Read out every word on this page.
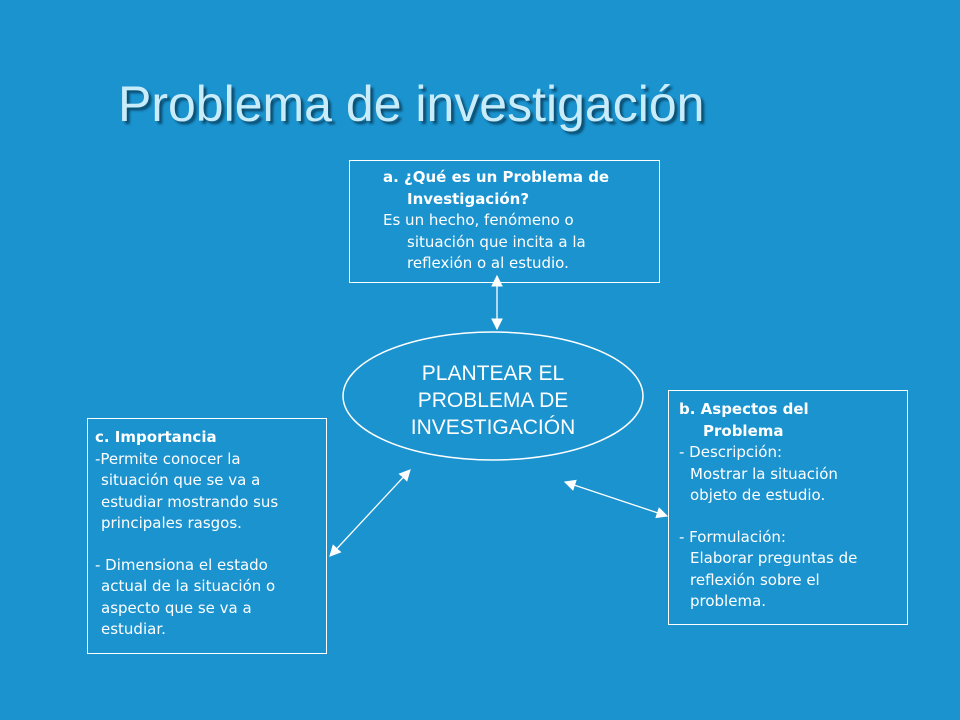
Problema de investigación
PLANTEAR EL
PROBLEMA DE
INVESTIGACIÓN
a. ¿Qué es un Problema de
Investigación?
Es un hecho, fenómeno o
situación que incita a la
reflexión o al estudio.
b. Aspectos del
Problema
- Descripción:
Mostrar la situación
objeto de estudio.
- Formulación:
Elaborar preguntas de
reflexión sobre el
problema.
c. Importancia
-Permite conocer la
situación que se va a
estudiar mostrando sus
principales rasgos.
- Dimensiona el estado
actual de la situación o
aspecto que se va a
estudiar.
